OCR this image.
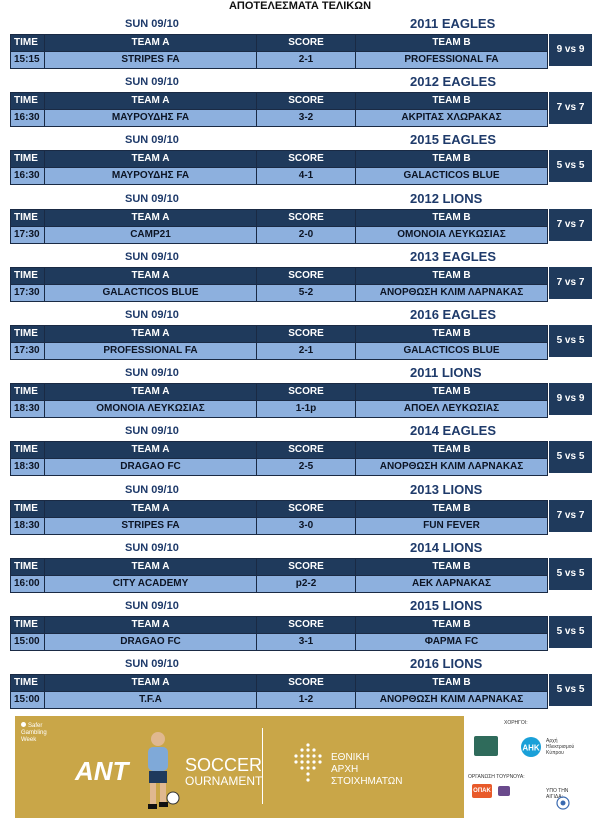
ΑΠΟΤΕΛΕΣΜΑΤΑ ΤΕΛΙΚΩΝ
SUN 09/10	2011 EAGLES
TIME	TEAM A	SCORE	TEAM B
15:15	STRIPES FA	2-1	PROFESSIONAL FA
9 vs 9
SUN 09/10	2012 EAGLES
TIME	TEAM A	SCORE	TEAM B
16:30	ΜΑΥΡΟΥΔΗΣ FA	3-2	ΑΚΡΙΤΑΣ ΧΛΩΡΑΚΑΣ
7 vs 7
SUN 09/10	2015 EAGLES
TIME	TEAM A	SCORE	TEAM B
16:30	ΜΑΥΡΟΥΔΗΣ FA	4-1	GALACTICOS BLUE
5 vs 5
SUN 09/10	2012 LIONS
TIME	TEAM A	SCORE	TEAM B
17:30	CAMP21	2-0	ΟΜΟΝΟΙΑ ΛΕΥΚΩΣΙΑΣ
7 vs 7
SUN 09/10	2013 EAGLES
TIME	TEAM A	SCORE	TEAM B
17:30	GALACTICOS BLUE	5-2	ΑΝΟΡΘΩΣΗ ΚΛΙΜ ΛΑΡΝΑΚΑΣ
7 vs 7
SUN 09/10	2016 EAGLES
TIME	TEAM A	SCORE	TEAM B
17:30	PROFESSIONAL FA	2-1	GALACTICOS BLUE
5 vs 5
SUN 09/10	2011 LIONS
TIME	TEAM A	SCORE	TEAM B
18:30	ΟΜΟΝΟΙΑ ΛΕΥΚΩΣΙΑΣ	1-1p	ΑΠΟΕΛ ΛΕΥΚΩΣΙΑΣ
9 vs 9
SUN 09/10	2014 EAGLES
TIME	TEAM A	SCORE	TEAM B
18:30	DRAGAO FC	2-5	ΑΝΟΡΘΩΣΗ ΚΛΙΜ ΛΑΡΝΑΚΑΣ
5 vs 5
SUN 09/10	2013 LIONS
TIME	TEAM A	SCORE	TEAM B
18:30	STRIPES FA	3-0	FUN FEVER
7 vs 7
SUN 09/10	2014 LIONS
TIME	TEAM A	SCORE	TEAM B
16:00	CITY ACADEMY	p2-2	ΑΕΚ ΛΑΡΝΑΚΑΣ
5 vs 5
SUN 09/10	2015 LIONS
TIME	TEAM A	SCORE	TEAM B
15:00	DRAGAO FC	3-1	ΦΑΡΜΑ FC
5 vs 5
SUN 09/10	2016 LIONS
TIME	TEAM A	SCORE	TEAM B
15:00	T.F.A	1-2	ΑΝΟΡΘΩΣΗ ΚΛΙΜ ΛΑΡΝΑΚΑΣ
5 vs 5
Safer Gambling Week
ANT	SOCCER
OURNAMENT
ΕΘΝΙΚΗ
ΑΡΧΗ
ΣΤΟΙΧΗΜΑΤΩΝ
ΧΟΡΗΓΟΙ:
ΑΗΚ
Αρχή
Ηλεκτρισμού
Κύπρου
ΟΡΓΑΝΩΣΗ ΤΟΥΡΝΟΥΑ:
ΟΠΑΚ	ΥΠΟ ΤΗΝ ΑΙΓΙΔΑ:
